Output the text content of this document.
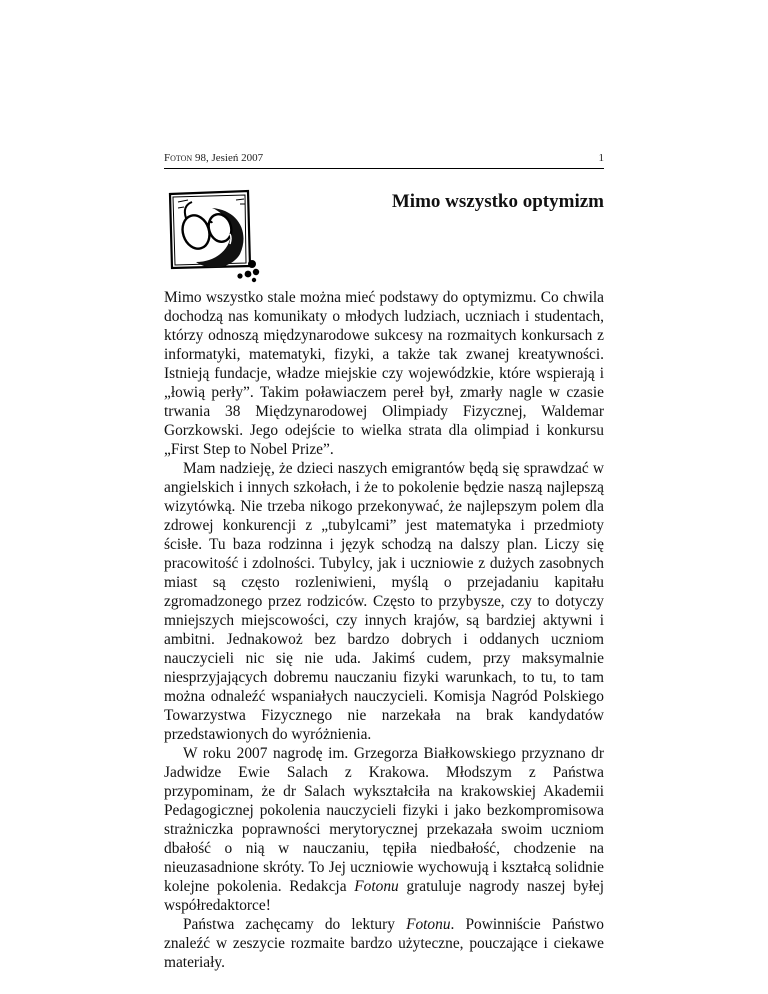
Foton 98, Jesień 2007	1
Mimo wszystko optymizm

Mimo wszystko stale można mieć podstawy do optymizmu. Co chwila dochodzą nas komunikaty o młodych ludziach, uczniach i studentach, którzy odnoszą międzynarodowe sukcesy na rozmaitych konkursach z informatyki, matematyki, fizyki, a także tak zwanej kreatywności. Istnieją fundacje, władze miejskie czy wojewódzkie, które wspierają i „łowią perły”. Takim poławiaczem pereł był, zmarły nagle w czasie trwania 38 Międzynarodowej Olimpiady Fizycznej, Waldemar Gorzkowski. Jego odejście to wielka strata dla olimpiad i konkursu „First Step to Nobel Prize”.

Mam nadzieję, że dzieci naszych emigrantów będą się sprawdzać w angielskich i innych szkołach, i że to pokolenie będzie naszą najlepszą wizytówką. Nie trzeba nikogo przekonywać, że najlepszym polem dla zdrowej konkurencji z „tubylcami” jest matematyka i przedmioty ścisłe. Tu baza rodzinna i język schodzą na dalszy plan. Liczy się pracowitość i zdolności. Tubylcy, jak i uczniowie z dużych zasobnych miast są często rozleniwieni, myślą o przejadaniu kapitału zgromadzonego przez rodziców. Często to przybysze, czy to dotyczy mniejszych miejscowości, czy innych krajów, są bardziej aktywni i ambitni. Jednakowoż bez bardzo dobrych i oddanych uczniom nauczycieli nic się nie uda. Jakimś cudem, przy maksymalnie niesprzyjających dobremu nauczaniu fizyki warunkach, to tu, to tam można odnaleźć wspaniałych nauczycieli. Komisja Nagród Polskiego Towarzystwa Fizycznego nie narzekała na brak kandydatów przedstawionych do wyróżnienia.

W roku 2007 nagrodę im. Grzegorza Białkowskiego przyznano dr Jadwidze Ewie Salach z Krakowa. Młodszym z Państwa przypominam, że dr Salach wykształciła na krakowskiej Akademii Pedagogicznej pokolenia nauczycieli fizyki i jako bezkompromisowa strażniczka poprawności merytorycznej przekazała swoim uczniom dbałość o nią w nauczaniu, tępiła niedbałość, chodzenie na nieuzasadnione skróty. To Jej uczniowie wychowują i kształcą solidnie kolejne pokolenia. Redakcja Fotonu gratuluje nagrody naszej byłej współredaktorce!

Państwa zachęcamy do lektury Fotonu. Powinniście Państwo znaleźć w zeszycie rozmaite bardzo użyteczne, pouczające i ciekawe materiały.
